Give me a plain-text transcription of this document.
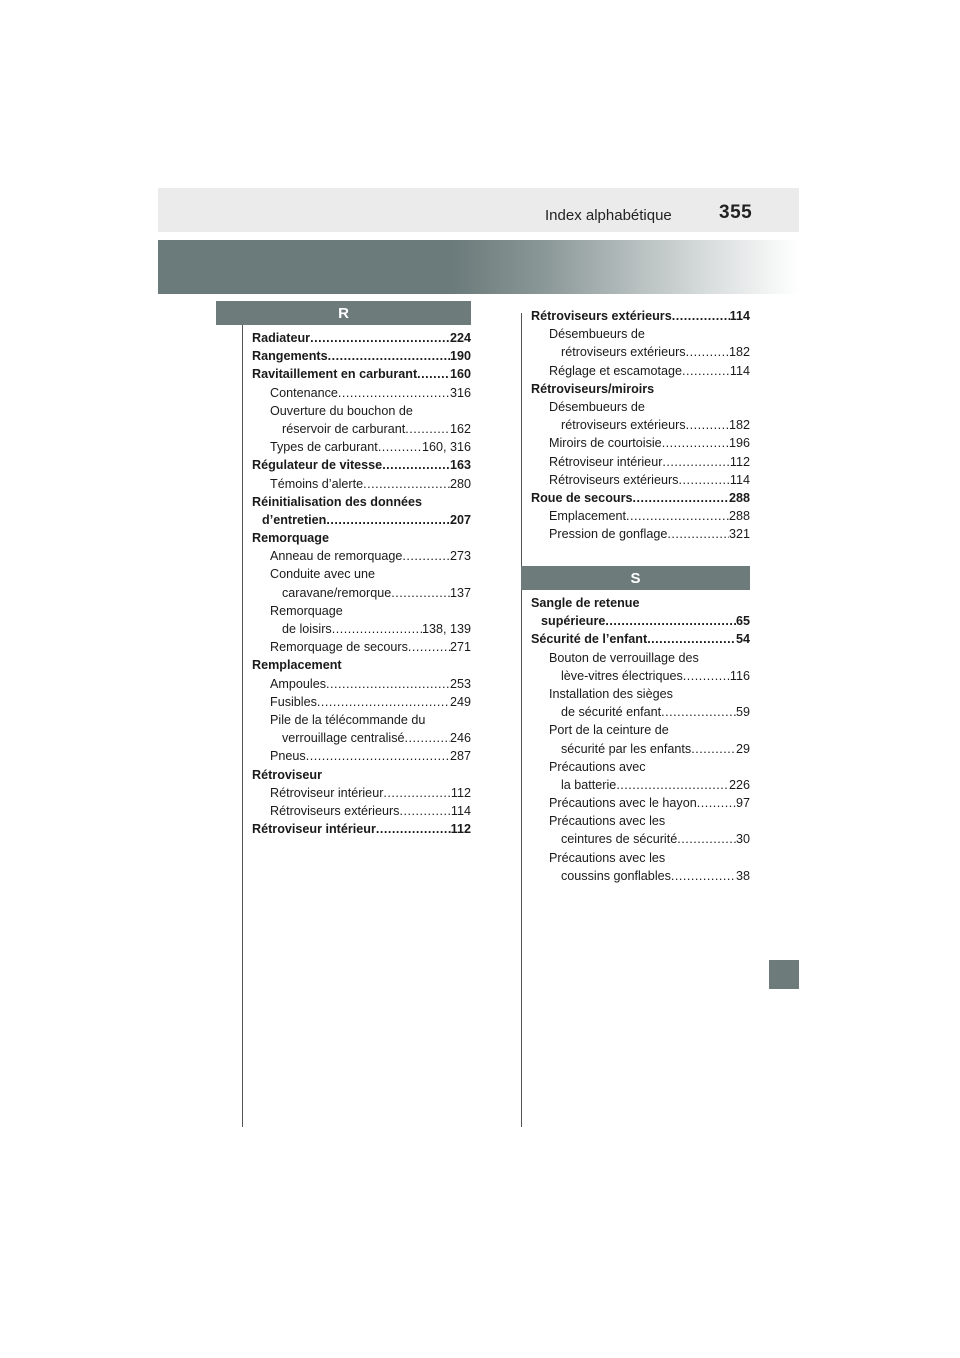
Index alphabétique 355
R
S
Radiateur .....	224
Rangements .....	190
Ravitaillement en carburant .....	160
Contenance .....	316
Ouverture du bouchon de
réservoir de carburant .....	162
Types de carburant .....	160, 316
Régulateur de vitesse .....	163
Témoins d’alerte .....	280
Réinitialisation des données
d’entretien .....	207
Remorquage
Anneau de remorquage .....	273
Conduite avec une
caravane/remorque .....	137
Remorquage
de loisirs .....	138, 139
Remorquage de secours .....	271
Remplacement
Ampoules .....	253
Fusibles .....	249
Pile de la télécommande du
verrouillage centralisé .....	246
Pneus .....	287
Rétroviseur
Rétroviseur intérieur .....	112
Rétroviseurs extérieurs .....	114
Rétroviseur intérieur .....	112
Rétroviseurs extérieurs .....	114
Désembueurs de
rétroviseurs extérieurs .....	182
Réglage et escamotage .....	114
Rétroviseurs/miroirs
Désembueurs de
rétroviseurs extérieurs .....	182
Miroirs de courtoisie .....	196
Rétroviseur intérieur .....	112
Rétroviseurs extérieurs .....	114
Roue de secours .....	288
Emplacement .....	288
Pression de gonflage .....	321
Sangle de retenue
supérieure .....	65
Sécurité de l’enfant .....	54
Bouton de verrouillage des
lève-vitres électriques .....	116
Installation des sièges
de sécurité enfant .....	59
Port de la ceinture de
sécurité par les enfants .....	29
Précautions avec
la batterie .....	226
Précautions avec le hayon .....	97
Précautions avec les
ceintures de sécurité .....	30
Précautions avec les
coussins gonflables .....	38
